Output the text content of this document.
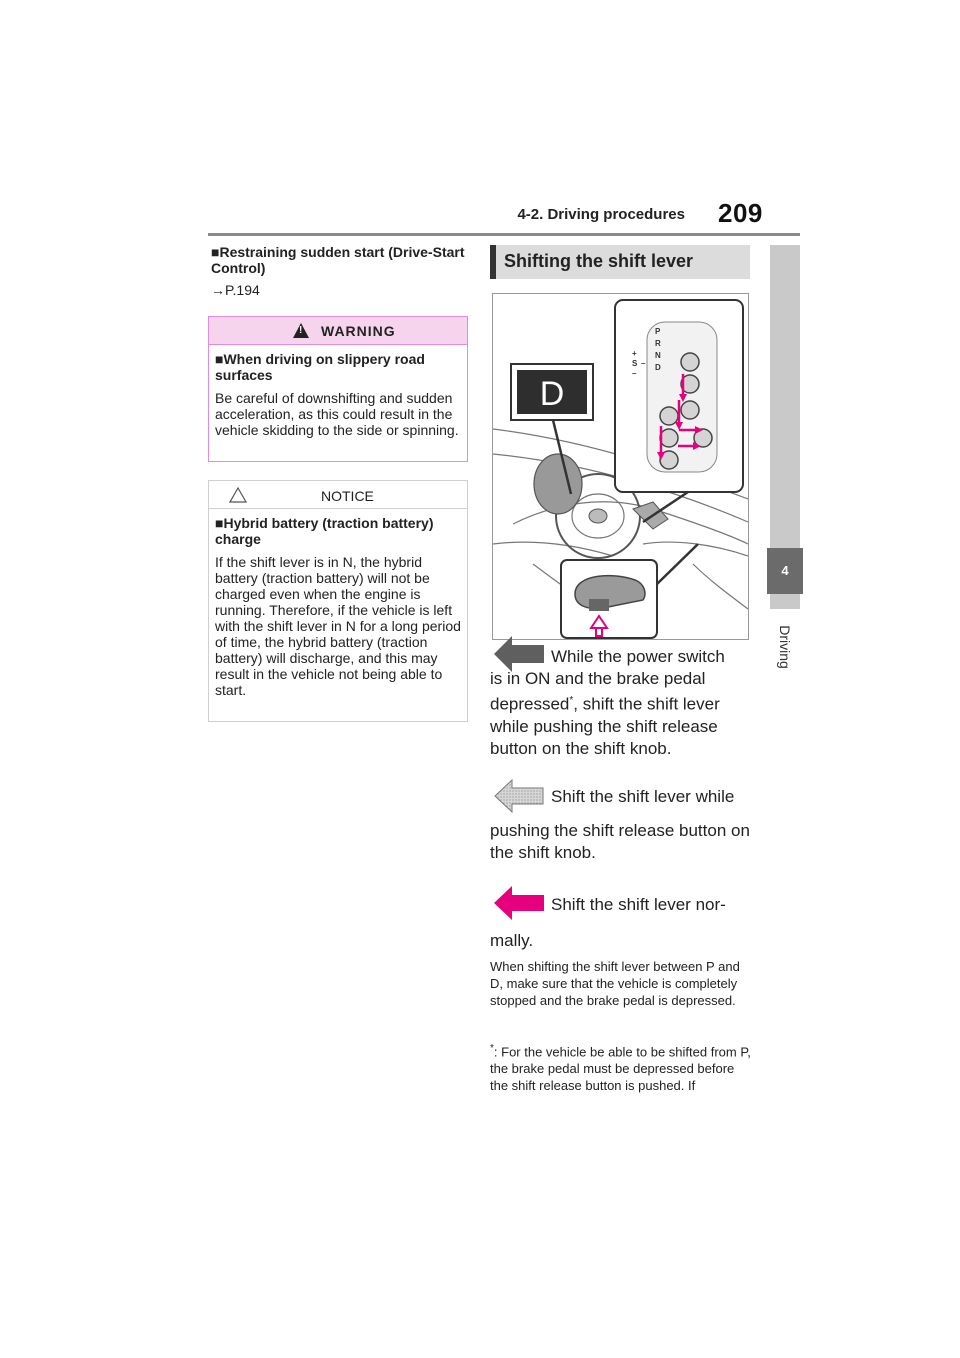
4-2. Driving procedures 209
4
Driving
■Restraining sudden start (Drive-Start Control)
→P.194
!
WARNING
■When driving on slippery road surfaces
Be careful of downshifting and sudden acceleration, as this could result in the vehicle skidding to the side or spinning.
NOTICE
■Hybrid battery (traction battery) charge
If the shift lever is in N, the hybrid battery (traction battery) will not be charged even when the engine is running. Therefore, if the vehicle is left with the shift lever in N for a long period of time, the hybrid battery (traction battery) will discharge, and this may result in the vehicle not being able to start.
Shifting the shift lever
D
P
R
N
D
+
S –
–
While the power switch
is in ON and the brake pedal depressed*, shift the shift lever while pushing the shift release button on the shift knob.
Shift the shift lever while
pushing the shift release button on the shift knob.
Shift the shift lever nor-
mally.
When shifting the shift lever between P and D, make sure that the vehicle is completely stopped and the brake pedal is depressed.
*: For the vehicle be able to be shifted from P, the brake pedal must be depressed before the shift release button is pushed. If
